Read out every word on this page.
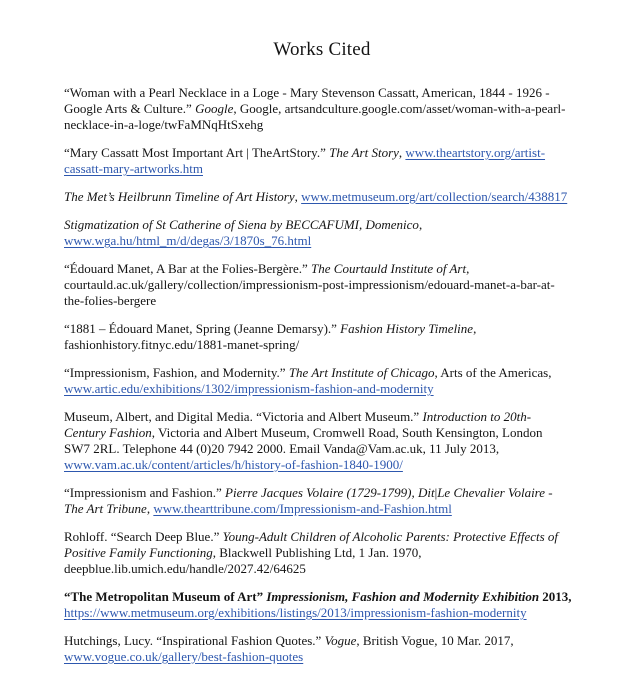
Works Cited

“Woman with a Pearl Necklace in a Loge - Mary Stevenson Cassatt, American, 1844 - 1926 -
Google Arts & Culture.” Google, Google, artsandculture.google.com/asset/woman-with-a-pearl-
necklace-in-a-loge/twFaMNqHtSxehg

“Mary Cassatt Most Important Art | TheArtStory.” The Art Story, www.theartstory.org/artist-
cassatt-mary-artworks.htm

The Met’s Heilbrunn Timeline of Art History, www.metmuseum.org/art/collection/search/438817

Stigmatization of St Catherine of Siena by BECCAFUMI, Domenico,
www.wga.hu/html_m/d/degas/3/1870s_76.html

“Édouard Manet, A Bar at the Folies-Bergère.” The Courtauld Institute of Art,
courtauld.ac.uk/gallery/collection/impressionism-post-impressionism/edouard-manet-a-bar-at-
the-folies-bergere

“1881 – Édouard Manet, Spring (Jeanne Demarsy).” Fashion History Timeline,
fashionhistory.fitnyc.edu/1881-manet-spring/

“Impressionism, Fashion, and Modernity.” The Art Institute of Chicago, Arts of the Americas,
www.artic.edu/exhibitions/1302/impressionism-fashion-and-modernity

Museum, Albert, and Digital Media. “Victoria and Albert Museum.” Introduction to 20th-
Century Fashion, Victoria and Albert Museum, Cromwell Road, South Kensington, London
SW7 2RL. Telephone 44 (0)20 7942 2000. Email Vanda@Vam.ac.uk, 11 July 2013,
www.vam.ac.uk/content/articles/h/history-of-fashion-1840-1900/

“Impressionism and Fashion.” Pierre Jacques Volaire (1729-1799), Dit|Le Chevalier Volaire -
The Art Tribune, www.thearttribune.com/Impressionism-and-Fashion.html

Rohloff. “Search Deep Blue.” Young-Adult Children of Alcoholic Parents: Protective Effects of
Positive Family Functioning, Blackwell Publishing Ltd, 1 Jan. 1970,
deepblue.lib.umich.edu/handle/2027.42/64625

“The Metropolitan Museum of Art” Impressionism, Fashion and Modernity Exhibition 2013,
https://www.metmuseum.org/exhibitions/listings/2013/impressionism-fashion-modernity

Hutchings, Lucy. “Inspirational Fashion Quotes.” Vogue, British Vogue, 10 Mar. 2017,
www.vogue.co.uk/gallery/best-fashion-quotes
